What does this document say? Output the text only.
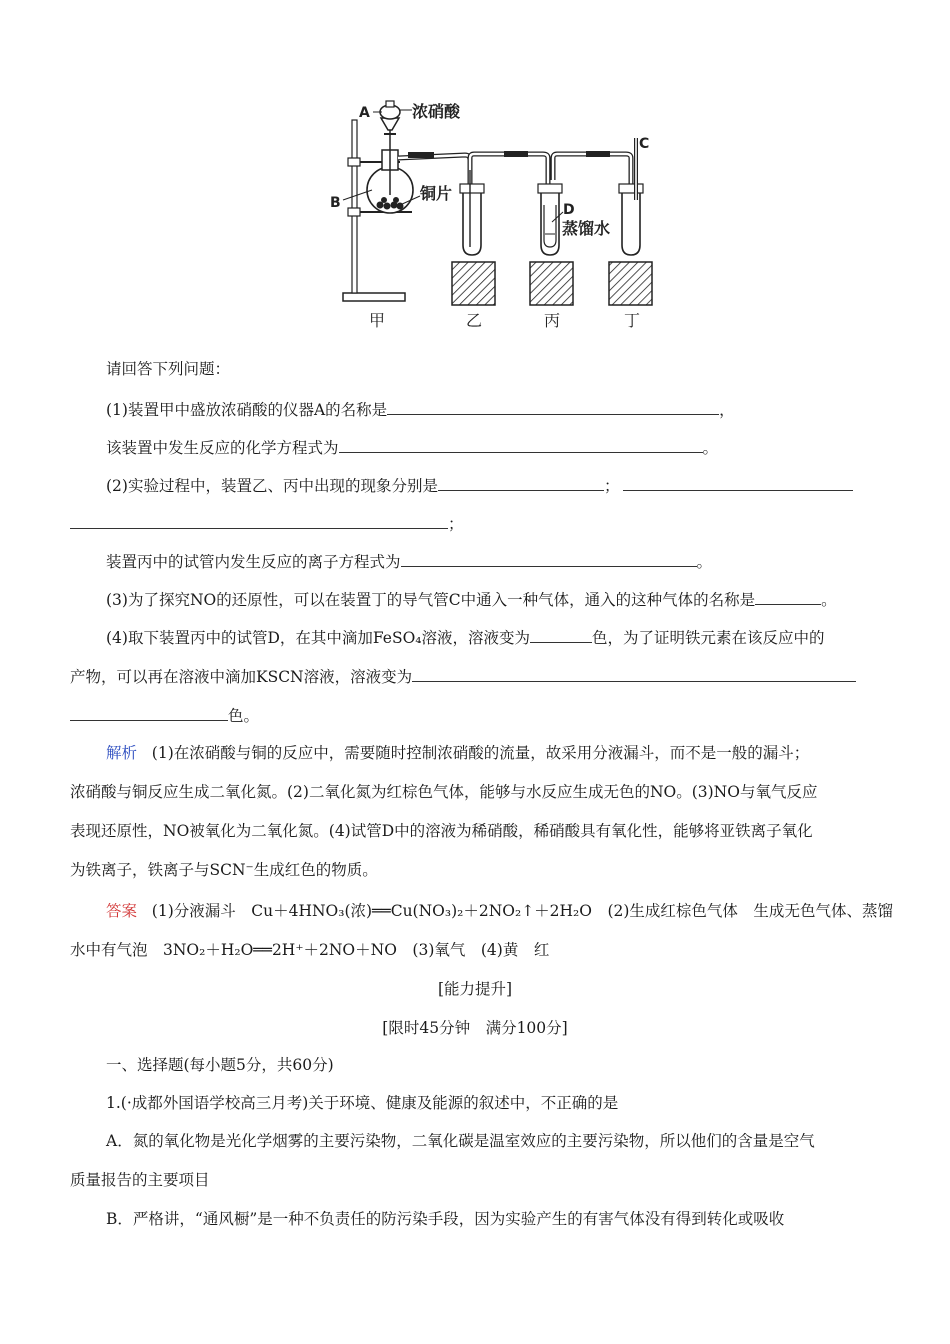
A	浓硝酸
B	铜片
C
D
蒸馏水
甲	乙	丙	丁
请回答下列问题：
(1)装置甲中盛放浓硝酸的仪器A的名称是	，
该装置中发生反应的化学方程式为	。
(2)实验过程中，装置乙、丙中出现的现象分别是	；
；
装置丙中的试管内发生反应的离子方程式为	。
(3)为了探究NO的还原性，可以在装置丁的导气管C中通入一种气体，通入的这种气体的名称是	。
(4)取下装置丙中的试管D，在其中滴加FeSO₄溶液，溶液变为	色，为了证明铁元素在该反应中的
产物，可以再在溶液中滴加KSCN溶液，溶液变为
色。
解析 (1)在浓硝酸与铜的反应中，需要随时控制浓硝酸的流量，故采用分液漏斗，而不是一般的漏斗；
浓硝酸与铜反应生成二氧化氮。(2)二氧化氮为红棕色气体，能够与水反应生成无色的NO。(3)NO与氧气反应
表现还原性，NO被氧化为二氧化氮。(4)试管D中的溶液为稀硝酸，稀硝酸具有氧化性，能够将亚铁离子氧化
为铁离子，铁离子与SCN⁻生成红色的物质。
答案 (1)分液漏斗　Cu＋4HNO₃(浓)══Cu(NO₃)₂＋2NO₂↑＋2H₂O　(2)生成红棕色气体　生成无色气体、蒸馏
水中有气泡　3NO₂＋H₂O══2H⁺＋2NO＋NO　(3)氧气　(4)黄　红
[能力提升]
[限时45分钟　满分100分]
一、选择题(每小题5分，共60分)
1.(·成都外国语学校高三月考)关于环境、健康及能源的叙述中，不正确的是
A．氮的氧化物是光化学烟雾的主要污染物，二氧化碳是温室效应的主要污染物，所以他们的含量是空气
质量报告的主要项目
B．严格讲，“通风橱”是一种不负责任的防污染手段，因为实验产生的有害气体没有得到转化或吸收
